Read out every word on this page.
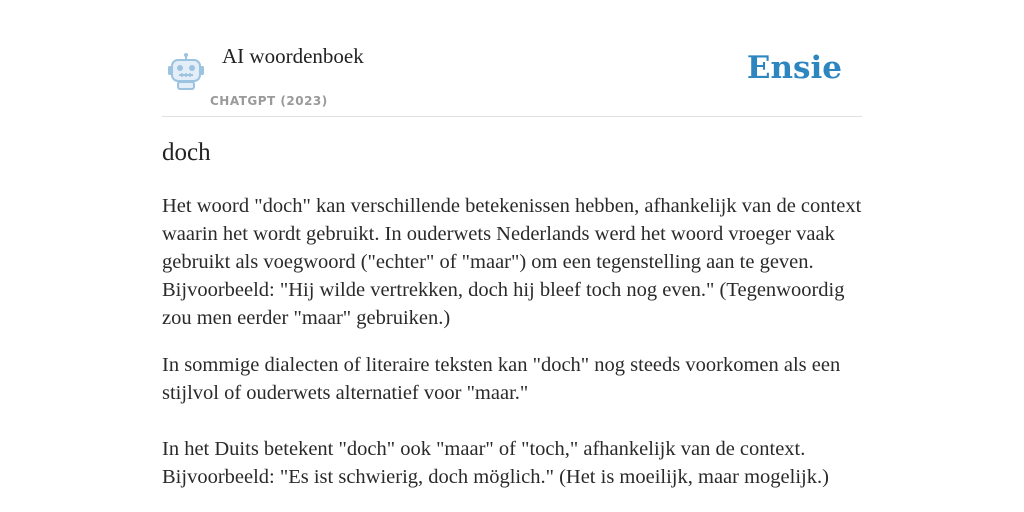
AI woordenboek
CHATGPT (2023)
Ensie
doch

Het woord "doch" kan verschillende betekenissen hebben, afhankelijk van de context waarin het wordt gebruikt. In ouderwets Nederlands werd het woord vroeger vaak gebruikt als voegwoord ("echter" of "maar") om een tegenstelling aan te geven. Bijvoorbeeld: "Hij wilde vertrekken, doch hij bleef toch nog even." (Tegenwoordig zou men eerder "maar" gebruiken.)

In sommige dialecten of literaire teksten kan "doch" nog steeds voorkomen als een stijlvol of ouderwets alternatief voor "maar."

In het Duits betekent "doch" ook "maar" of "toch," afhankelijk van de context. Bijvoorbeeld: "Es ist schwierig, doch möglich." (Het is moeilijk, maar mogelijk.)
